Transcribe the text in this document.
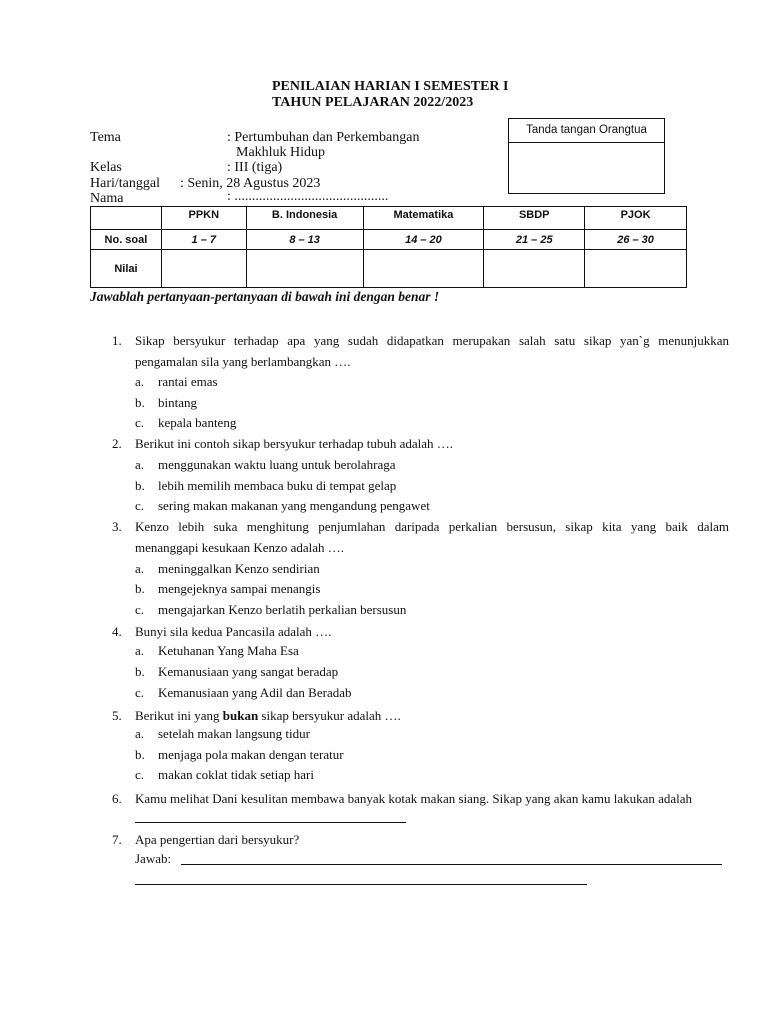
PENILAIAN HARIAN I SEMESTER I
TAHUN PELAJARAN 2022/2023
Tema	: Pertumbuhan dan Perkembangan
Makhluk Hidup
Kelas	: III (tiga)
Hari/tanggal : Senin, 28 Agustus 2023
Nama	: ............................................
Tanda tangan Orangtua
	PPKN	B. Indonesia	Matematika	SBDP	PJOK
No. soal	1 – 7	8 – 13	14 – 20	21 – 25	26 – 30
Nilai					
Jawablah pertanyaan-pertanyaan di bawah ini dengan benar !
1. Sikap bersyukur terhadap apa yang sudah didapatkan merupakan salah satu sikap yan`g menunjukkan
pengamalan sila yang berlambangkan ….
a. rantai emas
b. bintang
c. kepala banteng
2. Berikut ini contoh sikap bersyukur terhadap tubuh adalah ….
a. menggunakan waktu luang untuk berolahraga
b. lebih memilih membaca buku di tempat gelap
c. sering makan makanan yang mengandung pengawet
3. Kenzo lebih suka menghitung penjumlahan daripada perkalian bersusun, sikap kita yang baik dalam
menanggapi kesukaan Kenzo adalah ….
a. meninggalkan Kenzo sendirian
b. mengejeknya sampai menangis
c. mengajarkan Kenzo berlatih perkalian bersusun
4. Bunyi sila kedua Pancasila adalah ….
a. Ketuhanan Yang Maha Esa
b. Kemanusiaan yang sangat beradap
c. Kemanusiaan yang Adil dan Beradab
5. Berikut ini yang bukan sikap bersyukur adalah ….
a. setelah makan langsung tidur
b. menjaga pola makan dengan teratur
c. makan coklat tidak setiap hari
6. Kamu melihat Dani kesulitan membawa banyak kotak makan siang. Sikap yang akan kamu lakukan adalah
7. Apa pengertian dari bersyukur?
Jawab:
